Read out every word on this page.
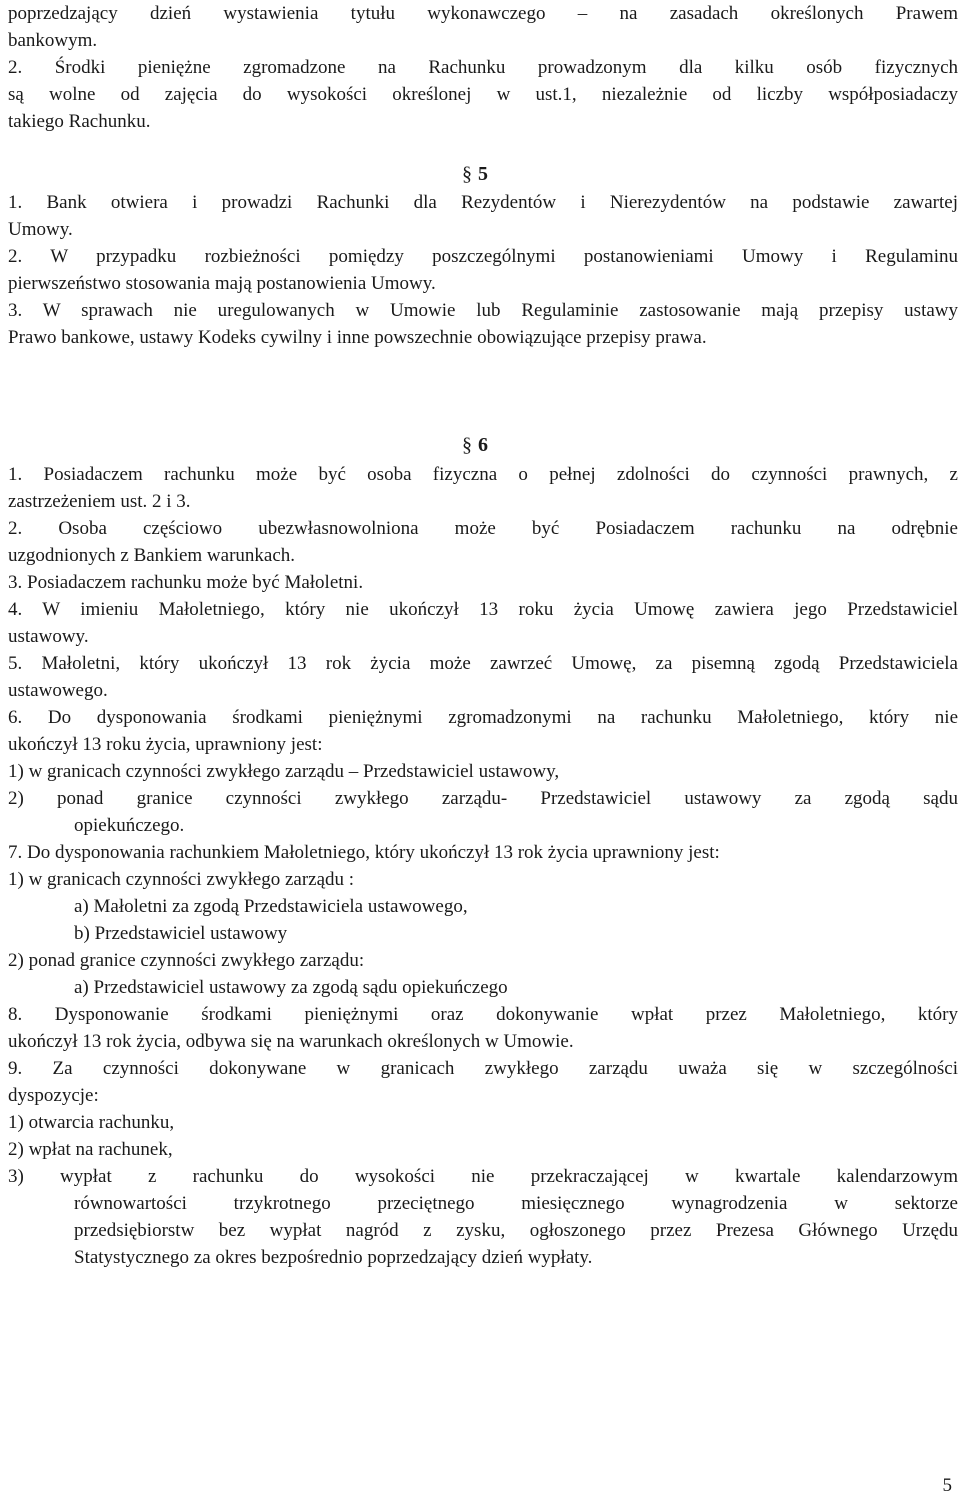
poprzedzający dzień wystawienia tytułu wykonawczego – na zasadach określonych Prawem
bankowym.
2. Środki pieniężne zgromadzone na Rachunku prowadzonym dla kilku osób fizycznych
są wolne od zajęcia do wysokości określonej w ust.1, niezależnie od liczby współposiadaczy
takiego Rachunku.
§ 5
1. Bank otwiera i prowadzi Rachunki dla Rezydentów i Nierezydentów na podstawie zawartej
Umowy.
2. W przypadku rozbieżności pomiędzy poszczególnymi postanowieniami Umowy i Regulaminu
pierwszeństwo stosowania mają postanowienia Umowy.
3. W sprawach nie uregulowanych w Umowie lub Regulaminie zastosowanie mają przepisy ustawy
Prawo bankowe, ustawy Kodeks cywilny i inne powszechnie obowiązujące przepisy prawa.
§ 6
1. Posiadaczem rachunku może być osoba fizyczna o pełnej zdolności do czynności prawnych, z
zastrzeżeniem ust. 2 i 3.
2. Osoba częściowo ubezwłasnowolniona może być Posiadaczem rachunku na odrębnie
uzgodnionych z Bankiem warunkach.
3. Posiadaczem rachunku może być Małoletni.
4. W imieniu Małoletniego, który nie ukończył 13 roku życia Umowę zawiera jego Przedstawiciel
ustawowy.
5. Małoletni, który ukończył 13 rok życia może zawrzeć Umowę, za pisemną zgodą Przedstawiciela
ustawowego.
6. Do dysponowania środkami pieniężnymi zgromadzonymi na rachunku Małoletniego, który nie
ukończył 13 roku życia, uprawniony jest:
1) w granicach czynności zwykłego zarządu – Przedstawiciel ustawowy,
2) ponad granice czynności zwykłego zarządu- Przedstawiciel ustawowy za zgodą sądu
opiekuńczego.
7. Do dysponowania rachunkiem Małoletniego, który ukończył 13 rok życia uprawniony jest:
1) w granicach czynności zwykłego zarządu :
a) Małoletni za zgodą Przedstawiciela ustawowego,
b) Przedstawiciel ustawowy
2) ponad granice czynności zwykłego zarządu:
a) Przedstawiciel ustawowy za zgodą sądu opiekuńczego
8. Dysponowanie środkami pieniężnymi oraz dokonywanie wpłat przez Małoletniego, który
ukończył 13 rok życia, odbywa się na warunkach określonych w Umowie.
9. Za czynności dokonywane w granicach zwykłego zarządu uważa się w szczególności
dyspozycje:
1) otwarcia rachunku,
2) wpłat na rachunek,
3) wypłat z rachunku do wysokości nie przekraczającej w kwartale kalendarzowym
równowartości trzykrotnego przeciętnego miesięcznego wynagrodzenia w sektorze
przedsiębiorstw bez wypłat nagród z zysku, ogłoszonego przez Prezesa Głównego Urzędu
Statystycznego za okres bezpośrednio poprzedzający dzień wypłaty.
5
